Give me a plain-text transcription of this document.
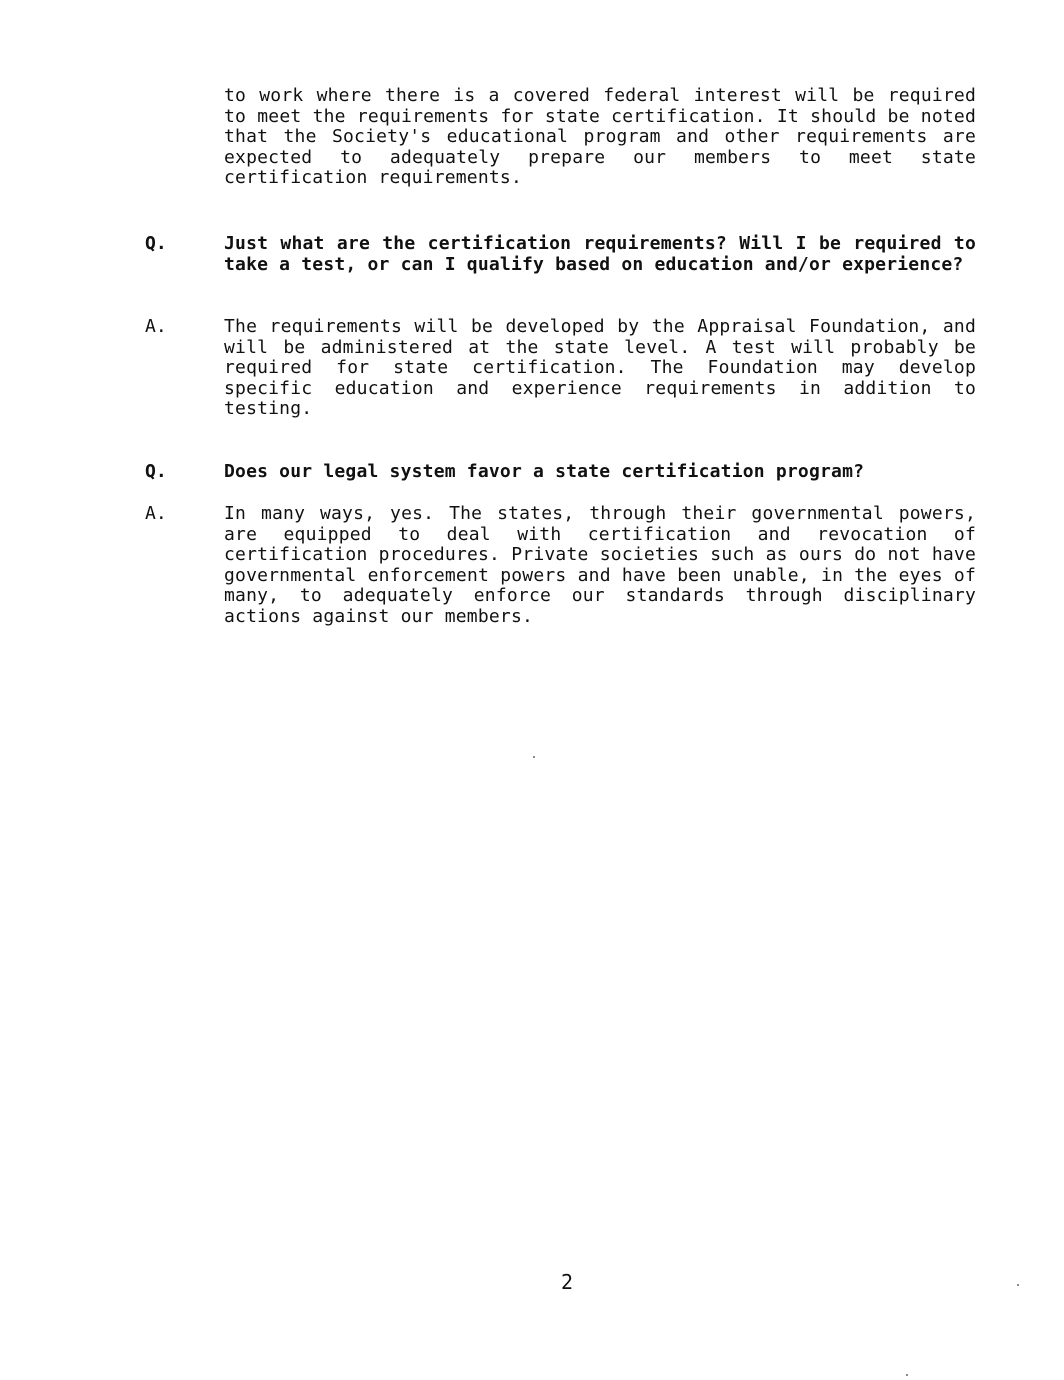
to work where there is a covered federal interest will be required to meet the requirements for state certification. It should be noted that the Society's educational program and other requirements are expected to adequately prepare our members to meet state certification requirements.

Q.	Just what are the certification requirements? Will I be required to take a test, or can I qualify based on education and/or experience?

A.	The requirements will be developed by the Appraisal Foundation, and will be administered at the state level. A test will probably be required for state certification. The Foundation may develop specific education and experience requirements in addition to testing.

Q.	Does our legal system favor a state certification program?

A.	In many ways, yes. The states, through their governmental powers, are equipped to deal with certification and revocation of certification procedures. Private societies such as ours do not have governmental enforcement powers and have been unable, in the eyes of many, to adequately enforce our standards through disciplinary actions against our members.

2
